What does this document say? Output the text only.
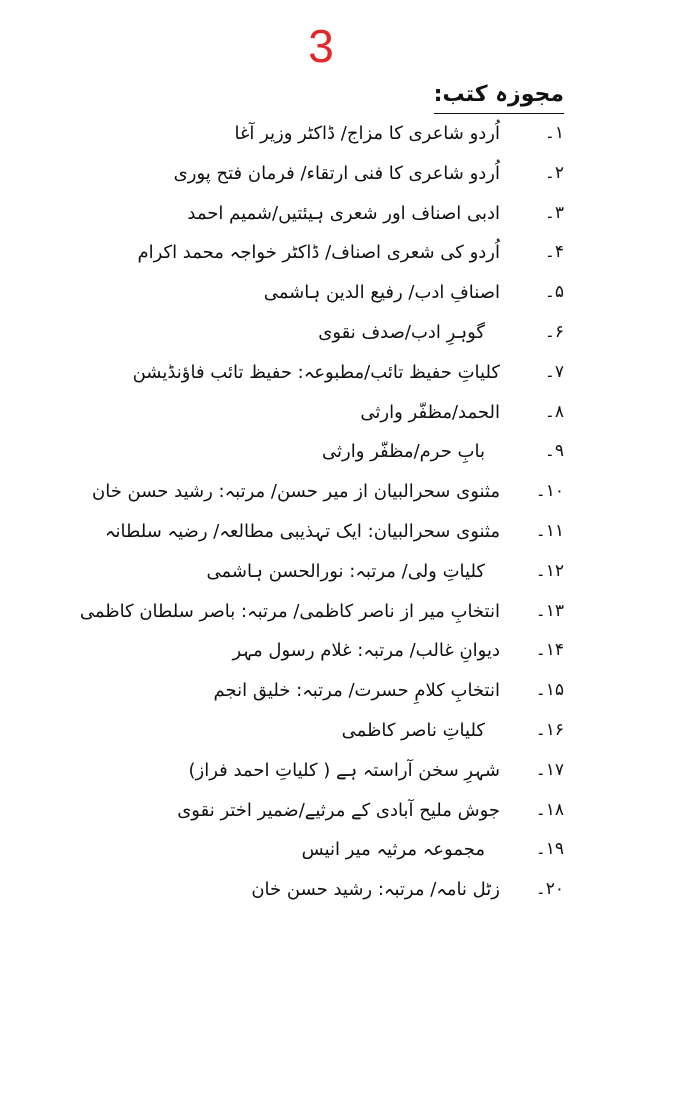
3
مجوزہ کتب:
۱۔
اُردو شاعری کا مزاج/ ڈاکٹر وزیر آغا
۲۔
اُردو شاعری کا فنی ارتقاء/ فرمان فتح پوری
۳۔
ادبی اصناف اور شعری ہیئتیں/شمیم احمد
۴۔
اُردو کی شعری اصناف/ ڈاکٹر خواجہ محمد اکرام
۵۔
اصنافِ ادب/ رفیع الدین ہاشمی
۶۔
گوہرِ ادب/صدف نقوی
۷۔
کلیاتِ حفیظ تائب/مطبوعہ: حفیظ تائب فاؤنڈیشن
۸۔
الحمد/مظفّر وارثی
۹۔
بابِ حرم/مظفّر وارثی
۱۰۔
مثنوی سحرالبیان از میر حسن/ مرتبہ: رشید حسن خان
۱۱۔
مثنوی سحرالبیان: ایک تہذیبی مطالعہ/ رضیہ سلطانہ
۱۲۔
کلیاتِ ولی/ مرتبہ: نورالحسن ہاشمی
۱۳۔
انتخابِ میر از ناصر کاظمی/ مرتبہ: باصر سلطان کاظمی
۱۴۔
دیوانِ غالب/ مرتبہ: غلام رسول مہر
۱۵۔
انتخابِ کلامِ حسرت/ مرتبہ: خلیق انجم
۱۶۔
کلیاتِ ناصر کاظمی
۱۷۔
شہرِ سخن آراستہ ہے ( کلیاتِ احمد فراز)
۱۸۔
جوش ملیح آبادی کے مرثیے/ضمیر اختر نقوی
۱۹۔
مجموعہ مرثیہ میر انیس
۲۰۔
زٹل نامہ/ مرتبہ: رشید حسن خان
